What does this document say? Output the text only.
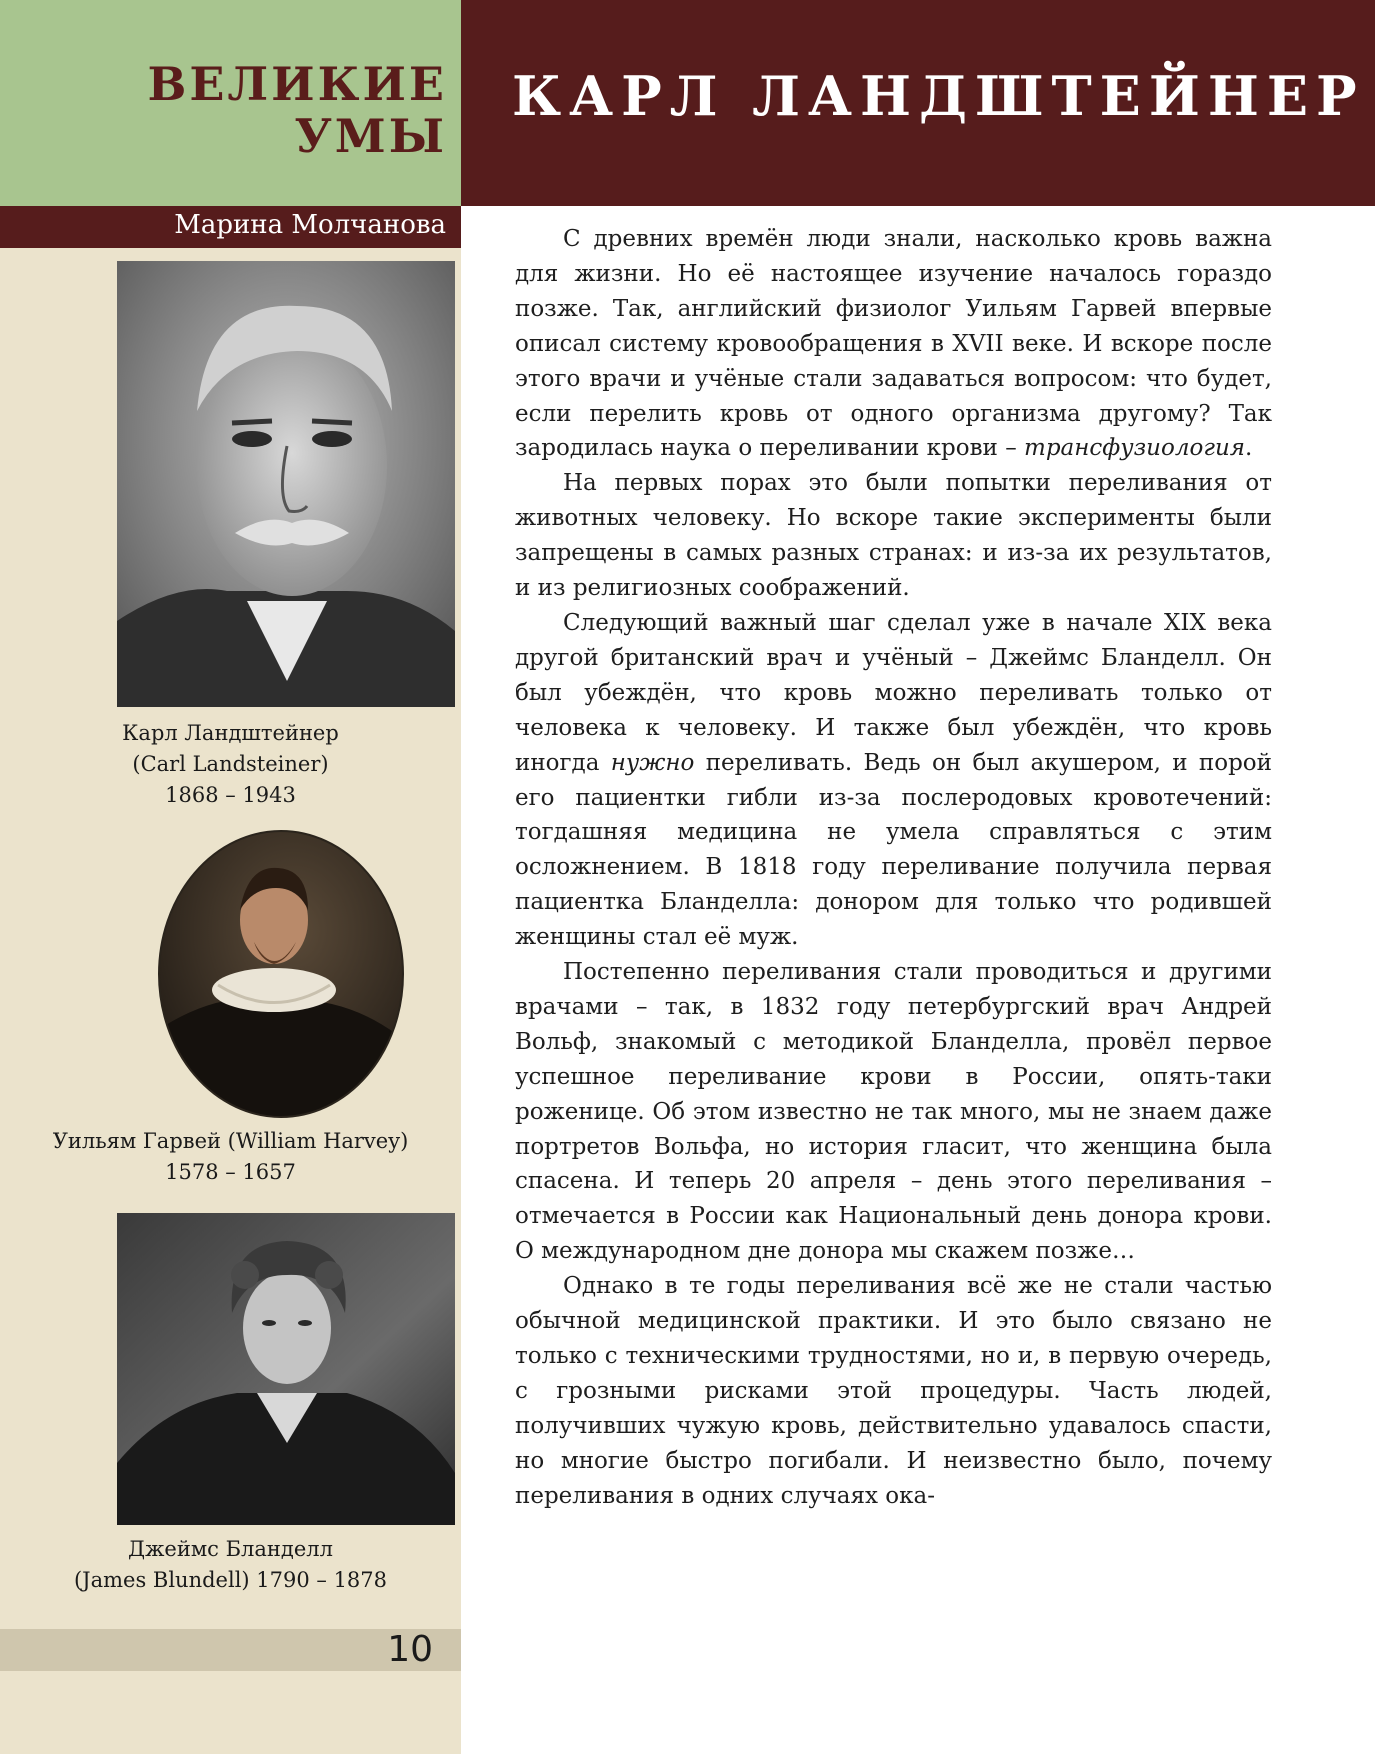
ВЕЛИКИЕ
УМЫ
КАРЛ ЛАНДШТЕЙНЕР
Марина Молчанова
Карл Ландштейнер
(Carl Landsteiner)
1868 – 1943
Уильям Гарвей (William Harvey)
1578 – 1657
Джеймс Бланделл
(James Blundell) 1790 – 1878
10

С древних времён люди знали, насколько кровь важна для жизни. Но её настоящее изучение началось гораздо позже. Так, английский физиолог Уильям Гарвей впервые описал систему кровообращения в XVII веке. И вскоре после этого врачи и учёные стали задаваться вопросом: что будет, если перелить кровь от одного организма другому? Так зародилась наука о переливании крови – трансфузиология.

На первых порах это были попытки переливания от животных человеку. Но вскоре такие эксперименты были запрещены в самых разных странах: и из-за их результатов, и из религиозных соображений.

Следующий важный шаг сделал уже в начале XIX века другой британский врач и учёный – Джеймс Бланделл. Он был убеждён, что кровь можно переливать только от человека к человеку. И также был убеждён, что кровь иногда нужно переливать. Ведь он был акушером, и порой его пациентки гибли из-за послеродовых кровотечений: тогдашняя медицина не умела справляться с этим осложнением. В 1818 году переливание получила первая пациентка Бланделла: донором для только что родившей женщины стал её муж.

Постепенно переливания стали проводиться и другими врачами – так, в 1832 году петербургский врач Андрей Вольф, знакомый с методикой Бланделла, провёл первое успешное переливание крови в России, опять-таки роженице. Об этом известно не так много, мы не знаем даже портретов Вольфа, но история гласит, что женщина была спасена. И теперь 20 апреля – день этого переливания – отмечается в России как Национальный день донора крови. О международном дне донора мы скажем позже…

Однако в те годы переливания всё же не стали частью обычной медицинской практики. И это было связано не только с техническими трудностями, но и, в первую очередь, с грозными рисками этой процедуры. Часть людей, получивших чужую кровь, действительно удавалось спасти, но многие быстро погибали. И неизвестно было, почему переливания в одних случаях ока-
